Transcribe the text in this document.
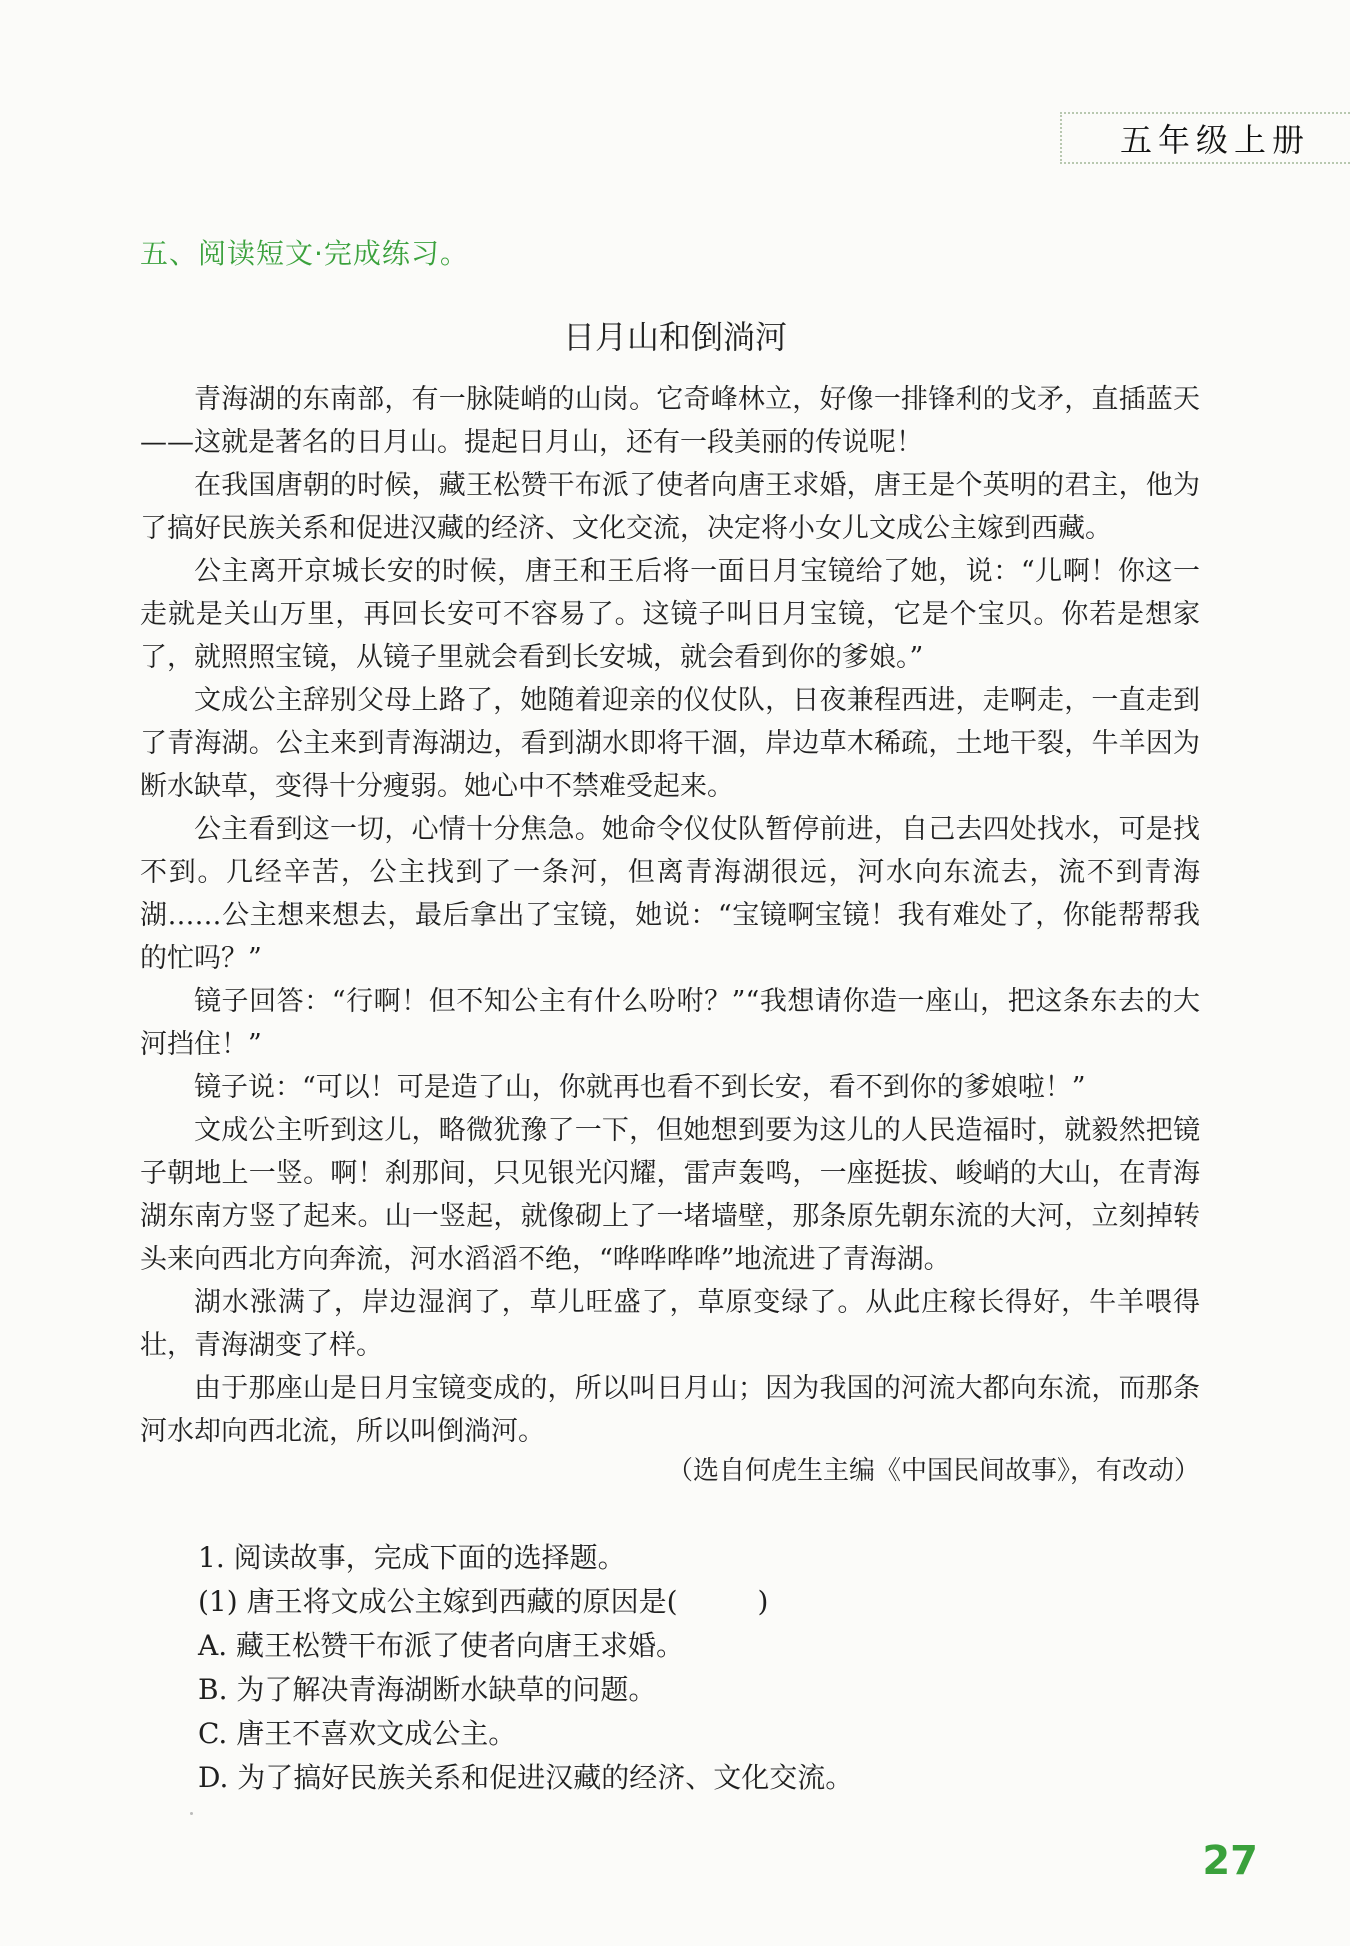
五年级上册
五、阅读短文·完成练习。
日月山和倒淌河

青海湖的东南部，有一脉陡峭的山岗。它奇峰林立，好像一排锋利的戈矛，直插蓝天——这就是著名的日月山。提起日月山，还有一段美丽的传说呢！

在我国唐朝的时候，藏王松赞干布派了使者向唐王求婚，唐王是个英明的君主，他为了搞好民族关系和促进汉藏的经济、文化交流，决定将小女儿文成公主嫁到西藏。

公主离开京城长安的时候，唐王和王后将一面日月宝镜给了她，说：“儿啊！你这一走就是关山万里，再回长安可不容易了。这镜子叫日月宝镜，它是个宝贝。你若是想家了，就照照宝镜，从镜子里就会看到长安城，就会看到你的爹娘。”

文成公主辞别父母上路了，她随着迎亲的仪仗队，日夜兼程西进，走啊走，一直走到了青海湖。公主来到青海湖边，看到湖水即将干涸，岸边草木稀疏，土地干裂，牛羊因为断水缺草，变得十分瘦弱。她心中不禁难受起来。

公主看到这一切，心情十分焦急。她命令仪仗队暂停前进，自己去四处找水，可是找不到。几经辛苦，公主找到了一条河，但离青海湖很远，河水向东流去，流不到青海湖……公主想来想去，最后拿出了宝镜，她说：“宝镜啊宝镜！我有难处了，你能帮帮我的忙吗？”

镜子回答：“行啊！但不知公主有什么吩咐？”“我想请你造一座山，把这条东去的大河挡住！”

镜子说：“可以！可是造了山，你就再也看不到长安，看不到你的爹娘啦！”

文成公主听到这儿，略微犹豫了一下，但她想到要为这儿的人民造福时，就毅然把镜子朝地上一竖。啊！刹那间，只见银光闪耀，雷声轰鸣，一座挺拔、峻峭的大山，在青海湖东南方竖了起来。山一竖起，就像砌上了一堵墙壁，那条原先朝东流的大河，立刻掉转头来向西北方向奔流，河水滔滔不绝，“哗哗哗哗”地流进了青海湖。

湖水涨满了，岸边湿润了，草儿旺盛了，草原变绿了。从此庄稼长得好，牛羊喂得壮，青海湖变了样。

由于那座山是日月宝镜变成的，所以叫日月山；因为我国的河流大都向东流，而那条河水却向西北流，所以叫倒淌河。

（选自何虎生主编《中国民间故事》，有改动）
1. 阅读故事，完成下面的选择题。
(1) 唐王将文成公主嫁到西藏的原因是(	)
A. 藏王松赞干布派了使者向唐王求婚。
B. 为了解决青海湖断水缺草的问题。
C. 唐王不喜欢文成公主。
D. 为了搞好民族关系和促进汉藏的经济、文化交流。
27
